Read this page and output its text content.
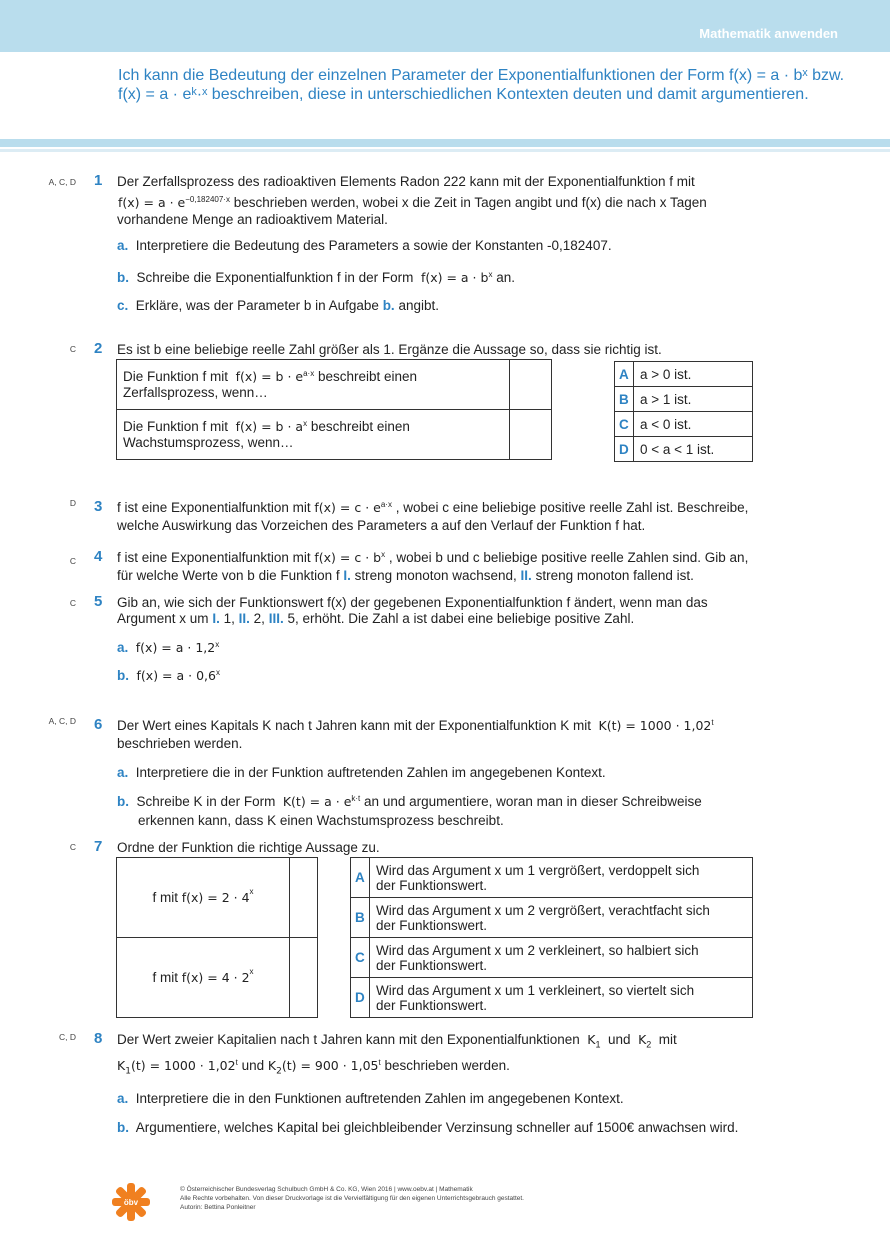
Mathematik anwenden
Ich kann die Bedeutung der einzelnen Parameter der Exponentialfunktionen der Form f(x) = a · bˣ bzw. f(x) = a · eᵏ·ˣ beschreiben, diese in unterschiedlichen Kontexten deuten und damit argumentieren.
A, C, D 1 Der Zerfallsprozess des radioaktiven Elements Radon 222 kann mit der Exponentialfunktion f mit
$f(x) = a \cdot e^{-0,182407\cdot x}$ beschrieben werden, wobei x die Zeit in Tagen angibt und f(x) die nach x Tagen
vorhandene Menge an radioaktivem Material.
a. Interpretiere die Bedeutung des Parameters a sowie der Konstanten -0,182407.
b. Schreibe die Exponentialfunktion f in der Form $f(x) = a \cdot b^x$ an.
c. Erkläre, was der Parameter b in Aufgabe b. angibt.
C 2 Es ist b eine beliebige reelle Zahl größer als 1. Ergänze die Aussage so, dass sie richtig ist.
Die Funktion f mit $f(x) = b \cdot e^{a\cdot x}$ beschreibt einen
Zerfallsprozess, wenn…	
Die Funktion f mit $f(x) = b \cdot a^x$ beschreibt einen
Wachstumsprozess, wenn…	
A	a > 0 ist.
B	a > 1 ist.
C	a < 0 ist.
D	0 < a < 1 ist.
D 3 f ist eine Exponentialfunktion mit $f(x) = c \cdot e^{a\cdot x}$ , wobei c eine beliebige positive reelle Zahl ist. Beschreibe,
welche Auswirkung das Vorzeichen des Parameters a auf den Verlauf der Funktion f hat.
C 4 f ist eine Exponentialfunktion mit $f(x) = c \cdot b^x$ , wobei b und c beliebige positive reelle Zahlen sind. Gib an,
für welche Werte von b die Funktion f I. streng monoton wachsend, II. streng monoton fallend ist.
C 5 Gib an, wie sich der Funktionswert f(x) der gegebenen Exponentialfunktion f ändert, wenn man das
Argument x um I. 1, II. 2, III. 5, erhöht. Die Zahl a ist dabei eine beliebige positive Zahl.
a. $f(x) = a \cdot 1,2^x$
b. $f(x) = a \cdot 0,6^x$
A, C, D 6 Der Wert eines Kapitals K nach t Jahren kann mit der Exponentialfunktion K mit $K(t) = 1000 \cdot 1,02^t$
beschrieben werden.
a. Interpretiere die in der Funktion auftretenden Zahlen im angegebenen Kontext.
b. Schreibe K in der Form $K(t) = a \cdot e^{k\cdot t}$ an und argumentiere, woran man in dieser Schreibweise
erkennen kann, dass K einen Wachstumsprozess beschreibt.
C 7 Ordne der Funktion die richtige Aussage zu.
f mit $f(x) = 2 \cdot 4^x$	
f mit $f(x) = 4 \cdot 2^x$	
A	Wird das Argument x um 1 vergrößert, verdoppelt sich
der Funktionswert.
B	Wird das Argument x um 2 vergrößert, verachtfacht sich
der Funktionswert.
C	Wird das Argument x um 2 verkleinert, so halbiert sich
der Funktionswert.
D	Wird das Argument x um 1 verkleinert, so viertelt sich
der Funktionswert.
C, D 8 Der Wert zweier Kapitalien nach t Jahren kann mit den Exponentialfunktionen $K_1$ und $K_2$ mit
$K_1(t) = 1000 \cdot 1,02^t$ und $K_2(t) = 900 \cdot 1,05^t$ beschrieben werden.
a. Interpretiere die in den Funktionen auftretenden Zahlen im angegebenen Kontext.
b. Argumentiere, welches Kapital bei gleichbleibender Verzinsung schneller auf 1500€ anwachsen wird.
öbv
© Österreichischer Bundesverlag Schulbuch GmbH & Co. KG, Wien 2016 | www.oebv.at | Mathematik
Alle Rechte vorbehalten. Von dieser Druckvorlage ist die Vervielfältigung für den eigenen Unterrichtsgebrauch gestattet.
Autorin: Bettina Ponleitner
